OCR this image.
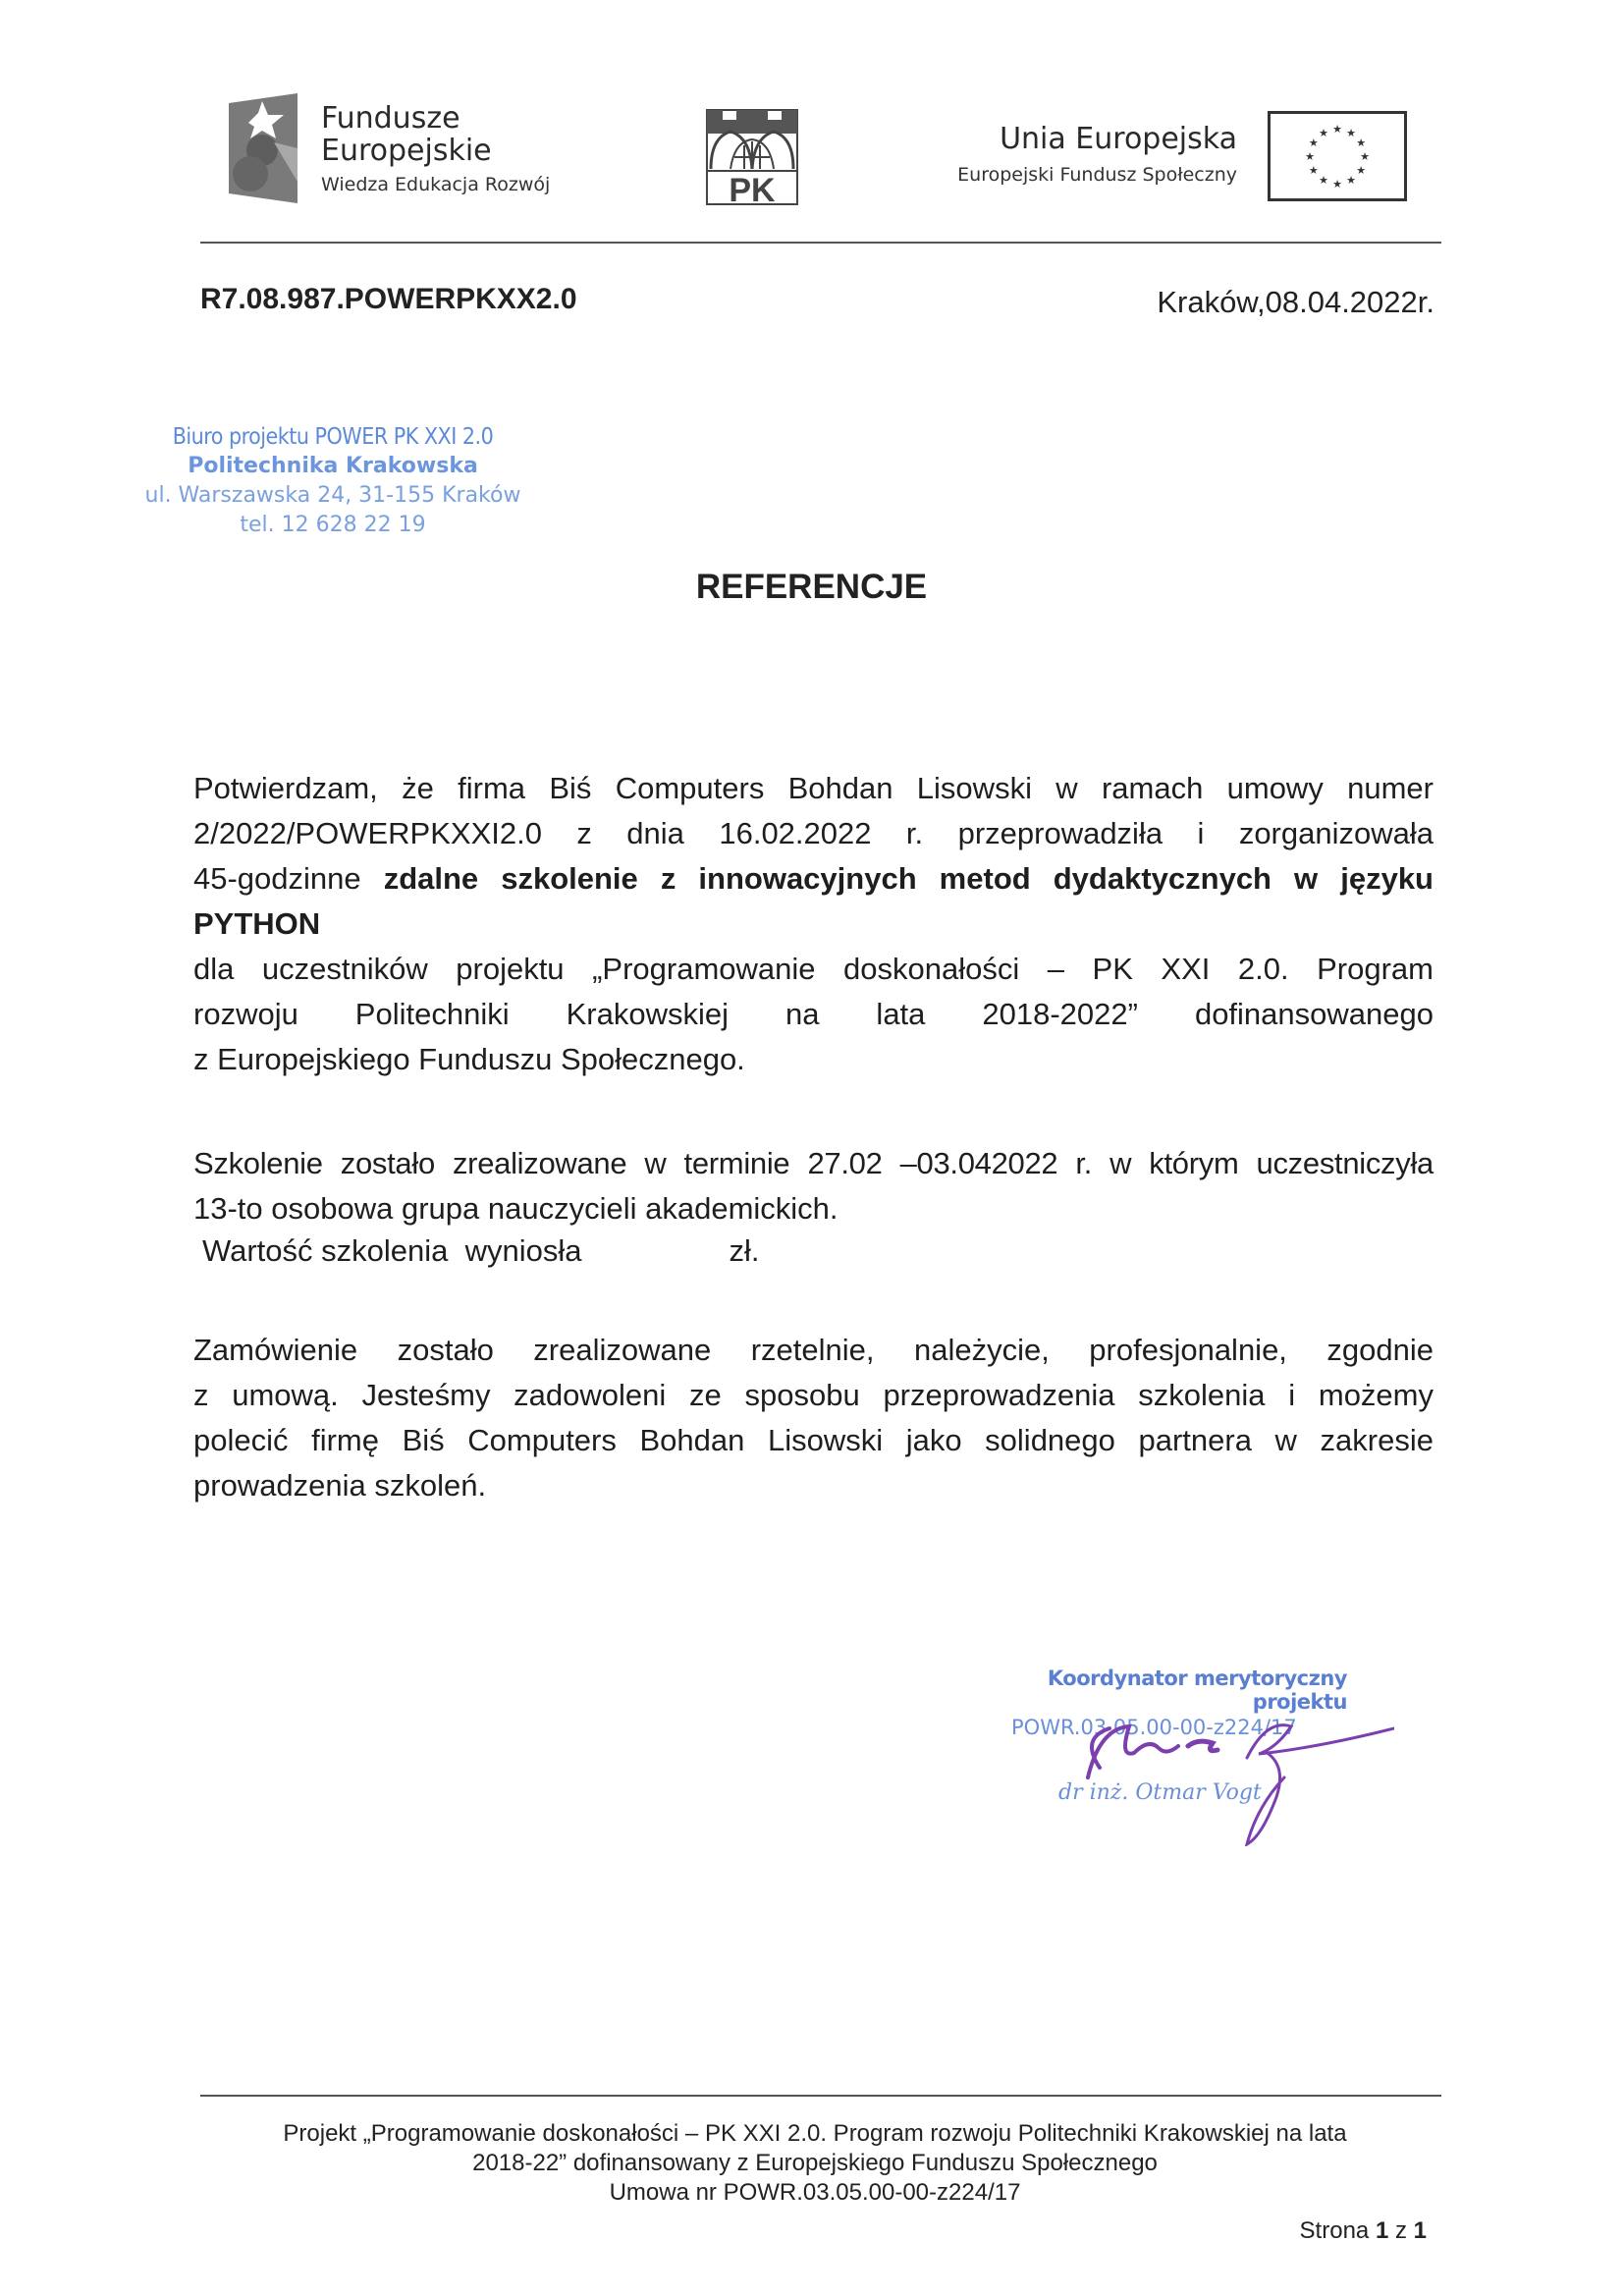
Fundusze
Europejskie
Wiedza Edukacja Rozwój	PK
Unia Europejska
Europejski Fundusz Społeczny
★ ★
★
★
★
★
★
★
★
★
★
★
R7.08.987.POWERPKXX2.0	Kraków,08.04.2022r.
Biuro projektu POWER PK XXI 2.0
Politechnika Krakowska
ul. Warszawska 24, 31-155 Kraków
tel. 12 628 22 19
REFERENCJE
Potwierdzam, że firma Biś Computers Bohdan Lisowski w ramach umowy numer
2/2022/POWERPKXXI2.0 z dnia 16.02.2022 r. przeprowadziła i zorganizowała
45-godzinne zdalne szkolenie z innowacyjnych metod dydaktycznych w języku
PYTHON
dla uczestników projektu „Programowanie doskonałości – PK XXI 2.0. Program
rozwoju Politechniki Krakowskiej na lata 2018-2022” dofinansowanego
z Europejskiego Funduszu Społecznego.
Szkolenie zostało zrealizowane w terminie 27.02 –03.042022 r. w którym uczestniczyła
13-to osobowa grupa nauczycieli akademickich.
Wartość szkolenia  wyniosła	zł.
Zamówienie zostało zrealizowane rzetelnie, należycie, profesjonalnie, zgodnie
z umową. Jesteśmy zadowoleni ze sposobu przeprowadzenia szkolenia i możemy
polecić firmę Biś Computers Bohdan Lisowski jako solidnego partnera w zakresie
prowadzenia szkoleń.
Koordynator merytoryczny projektu
POWR.03.05.00-00-z224/17
dr inż. Otmar Vogt
Projekt „Programowanie doskonałości – PK XXI 2.0. Program rozwoju Politechniki Krakowskiej na lata
2018-22” dofinansowany z Europejskiego Funduszu Społecznego
Umowa nr POWR.03.05.00-00-z224/17
Strona 1 z 1
